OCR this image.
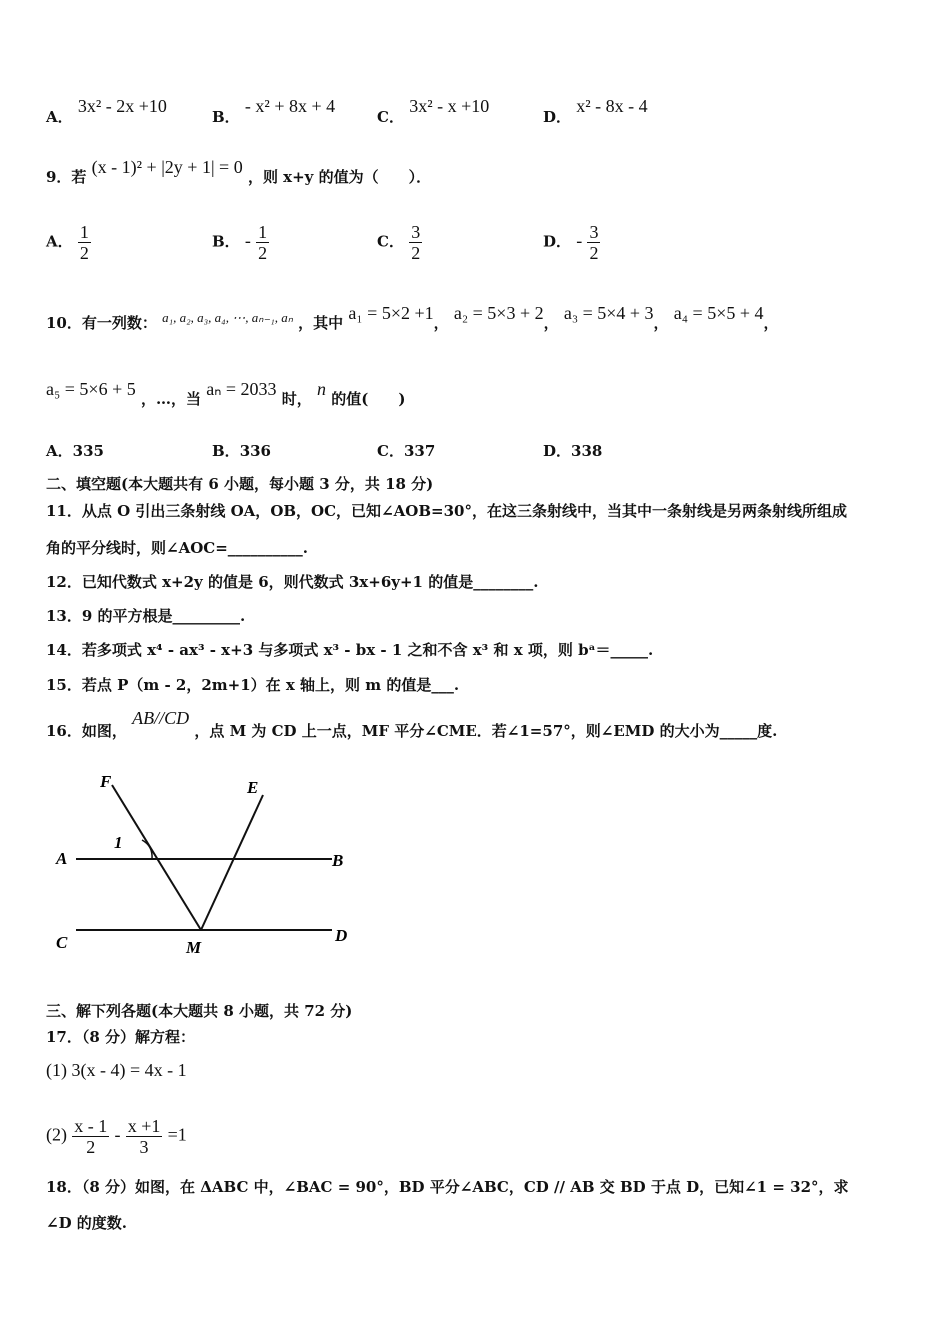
A． 3x² - 2x +10
B． - x² + 8x + 4
C． 3x² - x +10
D． x² - 8x - 4
9．若 (x - 1)² + |2y + 1| = 0 ，则 x+y 的值为（　　）．
A． $\frac{1}{2}$	B． - $\frac{1}{2}$	C． $\frac{3}{2}$	D． - $\frac{3}{2}$
10．有一列数： a₁, a₂, a₃, a₄, ⋯, aₙ₋₁, aₙ ，其中 a₁ = 5×2 +1， a₂ = 5×3 + 2， a₃ = 5×4 + 3， a₄ = 5×5 + 4，
a₅ = 5×6 + 5 ，…，当 aₙ = 2033 时， n 的值(　　)
A．335	B．336	C．337	D．338
二、填空题(本大题共有 6 小题，每小题 3 分，共 18 分)
11．从点 O 引出三条射线 OA，OB，OC，已知∠AOB=30°，在这三条射线中，当其中一条射线是另两条射线所组成
角的平分线时，则∠AOC=__________.
12．已知代数式 x+2y 的值是 6，则代数式 3x+6y+1 的值是________.
13．9 的平方根是_________.
14．若多项式 x⁴ - ax³ - x+3 与多项式 x³ - bx - 1 之和不含 x³ 和 x 项，则 bᵃ＝_____.
15．若点 P（m - 2，2m+1）在 x 轴上，则 m 的值是___.
16．如图， AB//CD ，点 M 为 CD 上一点，MF 平分∠CME．若∠1=57°，则∠EMD 的大小为_____度.
F	E
A	B
C	D
M
1
三、解下列各题(本大题共 8 小题，共 72 分)
17．（8 分）解方程：
(1) 3(x - 4) = 4x - 1
$(2) \frac{x - 1}{2} - \frac{x +1}{3} =1$
18．（8 分）如图，在 ΔABC 中，∠BAC = 90°，BD 平分∠ABC，CD // AB 交 BD 于点 D，已知∠1 = 32°，求
∠D 的度数.
